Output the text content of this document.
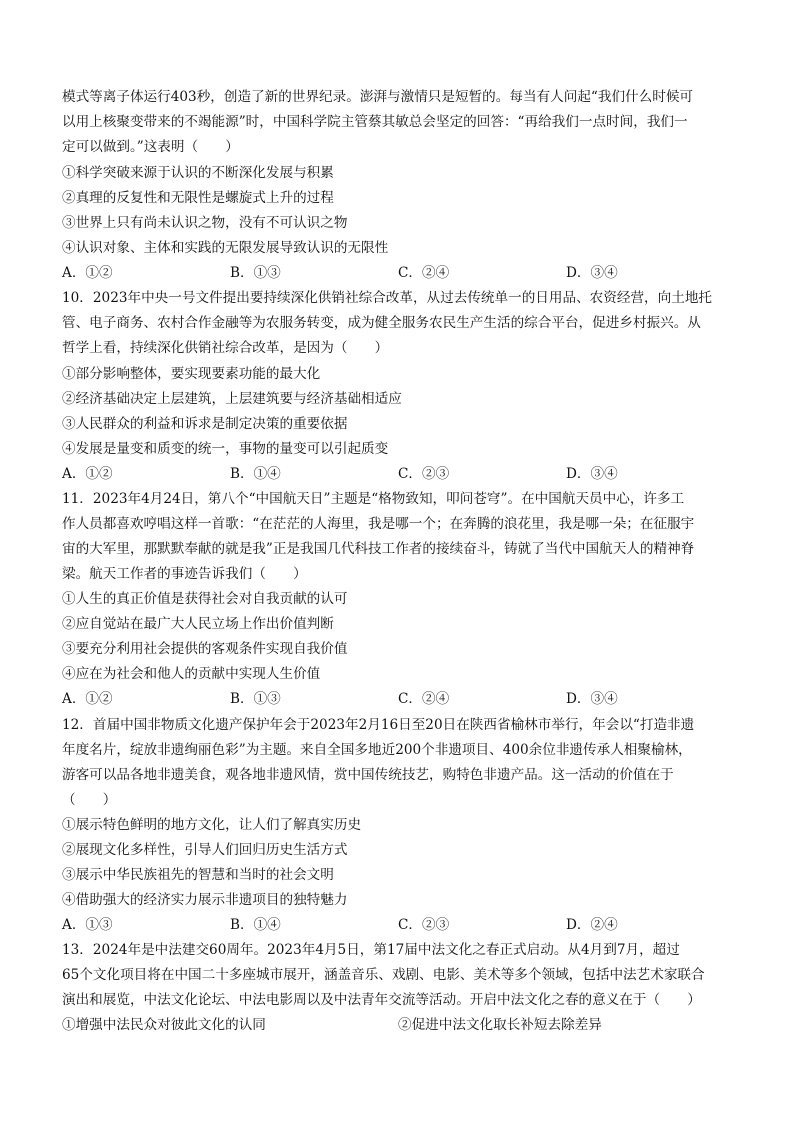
模式等离子体运行403秒，创造了新的世界纪录。澎湃与激情只是短暂的。每当有人问起“我们什么时候可
以用上核聚变带来的不竭能源”时，中国科学院主管蔡其敏总会坚定的回答：“再给我们一点时间，我们一
定可以做到。”这表明（　　）
①科学突破来源于认识的不断深化发展与积累
②真理的反复性和无限性是螺旋式上升的过程
③世界上只有尚未认识之物，没有不可认识之物
④认识对象、主体和实践的无限发展导致认识的无限性
A．①②	B．①③	C．②④	D．③④
10．2023年中央一号文件提出要持续深化供销社综合改革，从过去传统单一的日用品、农资经营，向土地托
管、电子商务、农村合作金融等为农服务转变，成为健全服务农民生产生活的综合平台，促进乡村振兴。从
哲学上看，持续深化供销社综合改革，是因为（　　）
①部分影响整体，要实现要素功能的最大化
②经济基础决定上层建筑，上层建筑要与经济基础相适应
③人民群众的利益和诉求是制定决策的重要依据
④发展是量变和质变的统一，事物的量变可以引起质变
A．①②	B．①④	C．②③	D．③④
11．2023年4月24日，第八个“中国航天日”主题是“格物致知，叩问苍穹”。在中国航天员中心，许多工
作人员都喜欢哼唱这样一首歌：“在茫茫的人海里，我是哪一个；在奔腾的浪花里，我是哪一朵；在征服宇
宙的大军里，那默默奉献的就是我”正是我国几代科技工作者的接续奋斗，铸就了当代中国航天人的精神脊
梁。航天工作者的事迹告诉我们（　　）
①人生的真正价值是获得社会对自我贡献的认可
②应自觉站在最广大人民立场上作出价值判断
③要充分利用社会提供的客观条件实现自我价值
④应在为社会和他人的贡献中实现人生价值
A．①②	B．①③	C．②④	D．③④
12．首届中国非物质文化遗产保护年会于2023年2月16日至20日在陕西省榆林市举行，年会以“打造非遗
年度名片，绽放非遗绚丽色彩”为主题。来自全国多地近200个非遗项目、400余位非遗传承人相聚榆林，
游客可以品各地非遗美食，观各地非遗风情，赏中国传统技艺，购特色非遗产品。这一活动的价值在于
（　　）
①展示特色鲜明的地方文化，让人们了解真实历史
②展现文化多样性，引导人们回归历史生活方式
③展示中华民族祖先的智慧和当时的社会文明
④借助强大的经济实力展示非遗项目的独特魅力
A．①③	B．①④	C．②③	D．②④
13．2024年是中法建交60周年。2023年4月5日，第17届中法文化之春正式启动。从4月到7月，超过
65个文化项目将在中国二十多座城市展开，涵盖音乐、戏剧、电影、美术等多个领域，包括中法艺术家联合
演出和展览，中法文化论坛、中法电影周以及中法青年交流等活动。开启中法文化之春的意义在于（　　）
①增强中法民众对彼此文化的认同	②促进中法文化取长补短去除差异
